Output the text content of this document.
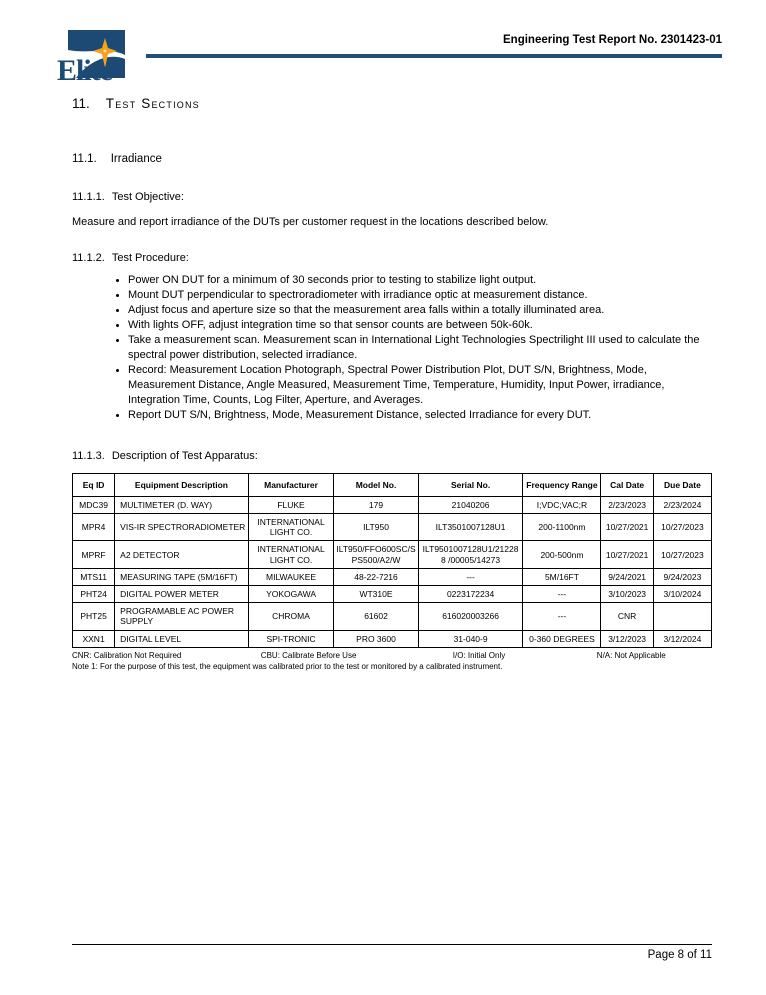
Elite
Engineering Test Report No. 2301423-01
11. Test Sections
11.1. Irradiance
11.1.1. Test Objective:
Measure and report irradiance of the DUTs per customer request in the locations described below.
11.1.2. Test Procedure:
• Power ON DUT for a minimum of 30 seconds prior to testing to stabilize light output.
• Mount DUT perpendicular to spectroradiometer with irradiance optic at measurement distance.
• Adjust focus and aperture size so that the measurement area falls within a totally illuminated area.
• With lights OFF, adjust integration time so that sensor counts are between 50k-60k.
• Take a measurement scan. Measurement scan in International Light Technologies Spectrilight III used to calculate the spectral power distribution, selected irradiance.
• Record: Measurement Location Photograph, Spectral Power Distribution Plot, DUT S/N, Brightness, Mode, Measurement Distance, Angle Measured, Measurement Time, Temperature, Humidity, Input Power, irradiance, Integration Time, Counts, Log Filter, Aperture, and Averages.
• Report DUT S/N, Brightness, Mode, Measurement Distance, selected Irradiance for every DUT.
11.1.3. Description of Test Apparatus:
Eq ID	Equipment Description	Manufacturer	Model No.	Serial No.	Frequency Range	Cal Date	Due Date
MDC39	MULTIMETER (D. WAY)	FLUKE	179	21040206	I;VDC;VAC;R	2/23/2023	2/23/2024
MPR4	VIS-IR SPECTRORADIOMETER	INTERNATIONAL LIGHT CO.	ILT950	ILT3501007128U1	200-1100nm	10/27/2021	10/27/2023
MPRF	A2 DETECTOR	INTERNATIONAL LIGHT CO.	ILT950/FFO600SC/SPS500/A2/W	ILT9501007128U1/212288 /00005/14273	200-500nm	10/27/2021	10/27/2023
MTS11	MEASURING TAPE (5M/16FT)	MILWAUKEE	48-22-7216	---	5M/16FT	9/24/2021	9/24/2023
PHT24	DIGITAL POWER METER	YOKOGAWA	WT310E	0223172234	---	3/10/2023	3/10/2024
PHT25	PROGRAMABLE AC POWER SUPPLY	CHROMA	61602	616020003266	---	CNR	
XXN1	DIGITAL LEVEL	SPI-TRONIC	PRO 3600	31-040-9	0-360 DEGREES	3/12/2023	3/12/2024
CNR: Calibration Not Required	CBU: Calibrate Before Use	I/O: Initial Only	N/A: Not Applicable
Note 1: For the purpose of this test, the equipment was calibrated prior to the test or monitored by a calibrated instrument.
Page 8 of 11
